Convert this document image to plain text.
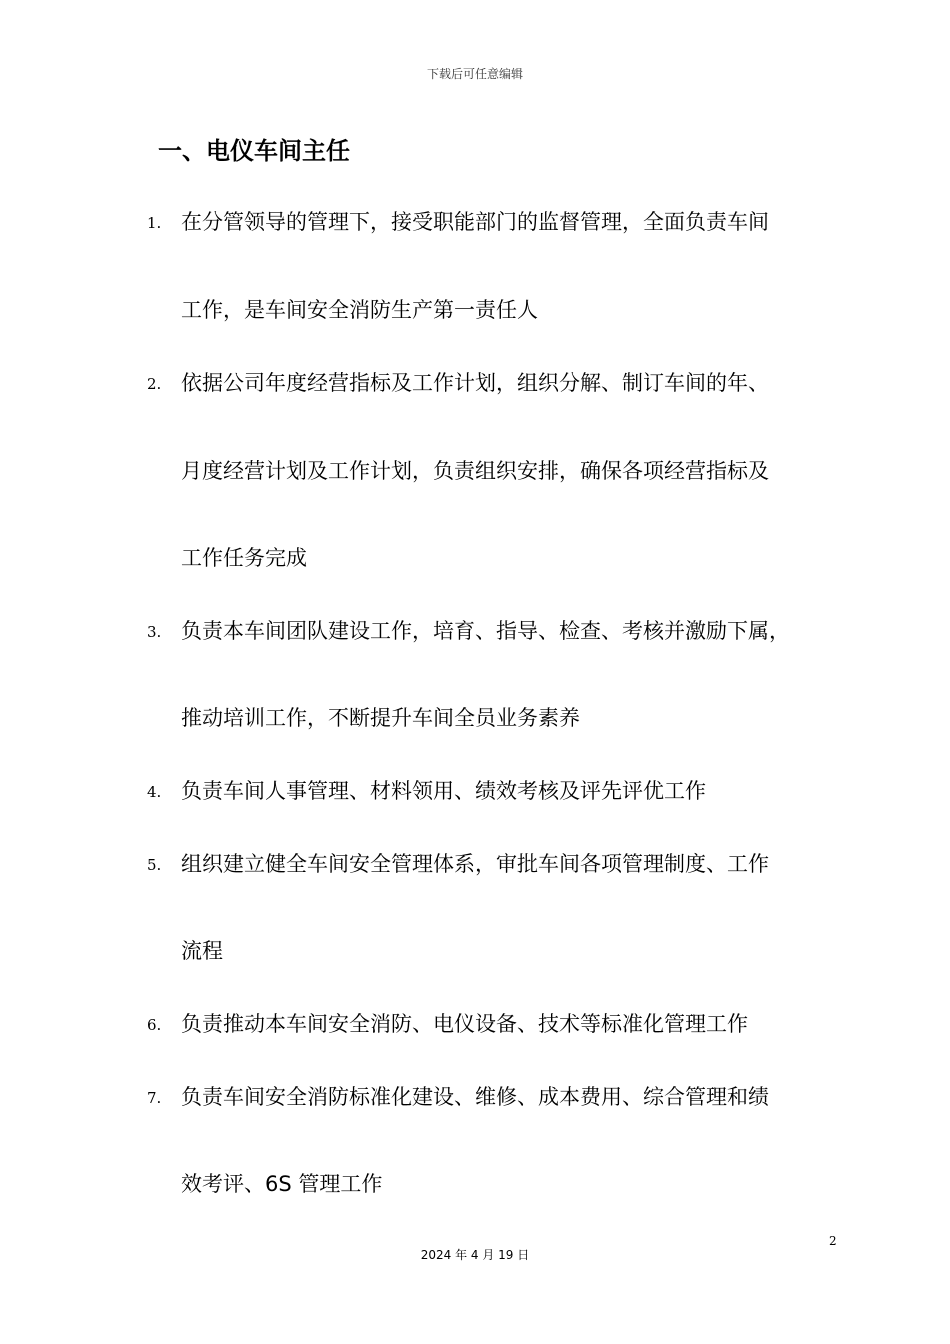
下载后可任意编辑
一、电仪车间主任
1. 在分管领导的管理下，接受职能部门的监督管理，全面负责车间
工作，是车间安全消防生产第一责任人
2. 依据公司年度经营指标及工作计划，组织分解、制订车间的年、
月度经营计划及工作计划，负责组织安排，确保各项经营指标及
工作任务完成
3. 负责本车间团队建设工作，培育、指导、检查、考核并激励下属，
推动培训工作，不断提升车间全员业务素养
4. 负责车间人事管理、材料领用、绩效考核及评先评优工作
5. 组织建立健全车间安全管理体系，审批车间各项管理制度、工作
流程
6. 负责推动本车间安全消防、电仪设备、技术等标准化管理工作
7. 负责车间安全消防标准化建设、维修、成本费用、综合管理和绩
效考评、6S 管理工作
2
2024 年 4 月 19 日
